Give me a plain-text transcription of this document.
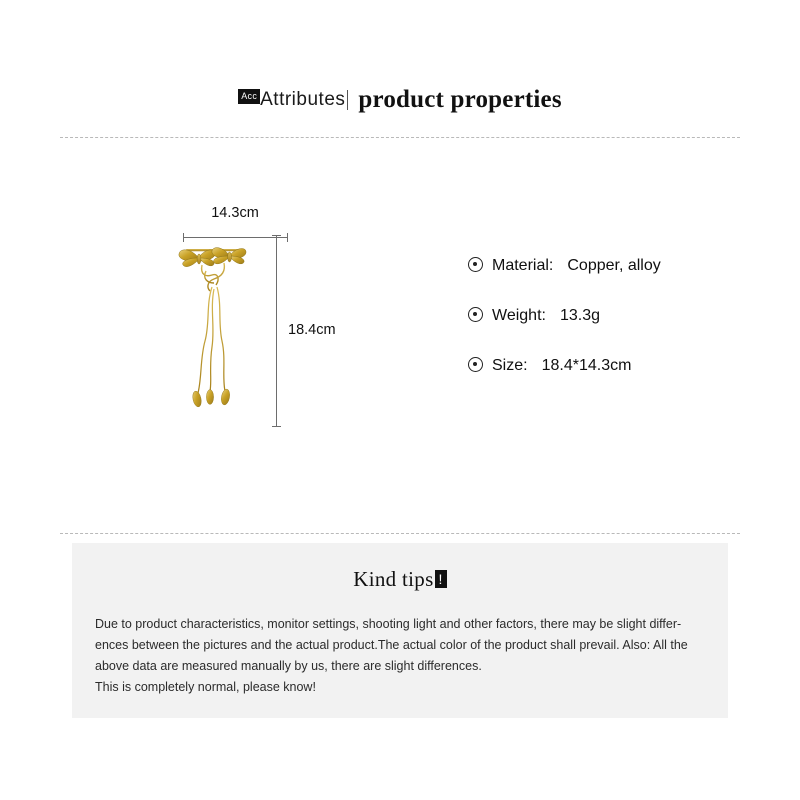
Acc Attributes product properties
14.3cm
18.4cm
Material: Copper, alloy
Weight: 13.3g
Size: 18.4*14.3cm
Kind tips !

Due to product characteristics, monitor settings, shooting light and other factors, there may be slight differ-

ences between the pictures and the actual product.The actual color of the product shall prevail. Also: All the

above data are measured manually by us, there are slight differences.

This is completely normal, please know!
